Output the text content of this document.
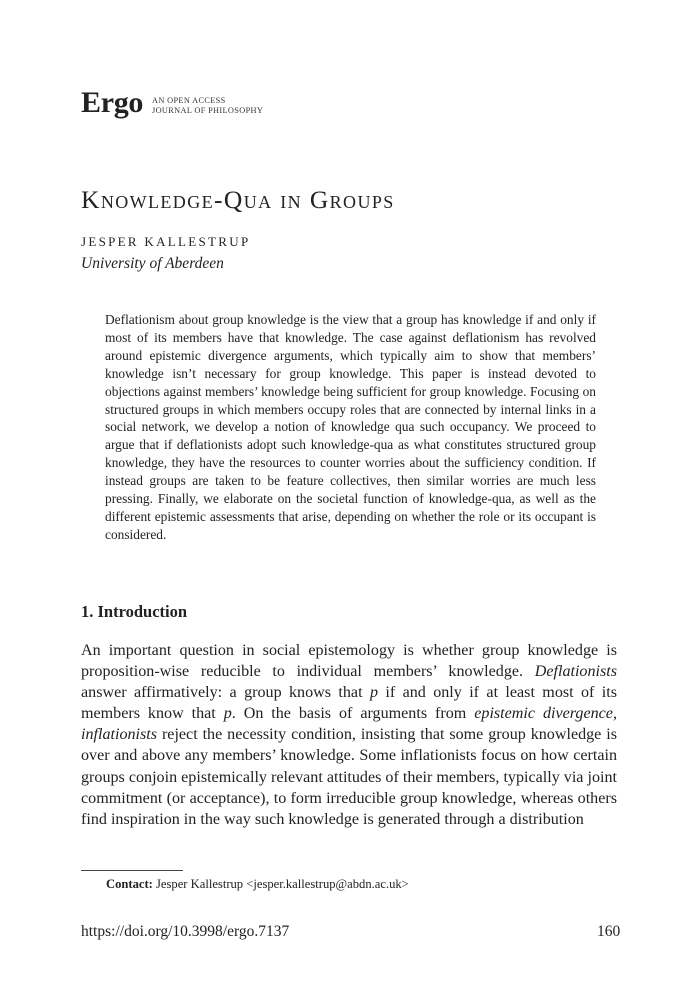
Ergo AN OPEN ACCESS
JOURNAL OF PHILOSOPHY
Knowledge-Qua in Groups
JESPER KALLESTRUP
University of Aberdeen
Deflationism about group knowledge is the view that a group has knowledge if and only if most of its members have that knowledge. The case against deflationism has revolved around epistemic divergence arguments, which typically aim to show that members’ knowledge isn’t necessary for group knowledge. This paper is instead devoted to objections against members’ knowledge being sufficient for group knowledge. Focusing on structured groups in which members occupy roles that are connected by internal links in a social network, we develop a notion of knowledge qua such occupancy. We proceed to argue that if deflationists adopt such knowledge-qua as what constitutes structured group knowledge, they have the resources to counter worries about the sufficiency condition. If instead groups are taken to be feature collectives, then similar worries are much less pressing. Finally, we elaborate on the societal function of knowledge-qua, as well as the different epistemic assessments that arise, depending on whether the role or its occupant is considered.
1. Introduction

An important question in social epistemology is whether group knowledge is proposition-wise reducible to individual members’ knowledge. Deflationists answer affirmatively: a group knows that p if and only if at least most of its members know that p. On the basis of arguments from epistemic divergence, inflationists reject the necessity condition, insisting that some group knowledge is over and above any members’ knowledge. Some inflationists focus on how certain groups conjoin epistemically relevant attitudes of their members, typically via joint commitment (or acceptance), to form irreducible group knowledge, whereas others find inspiration in the way such knowledge is generated through a distribution

Contact: Jesper Kallestrup <jesper.kallestrup@abdn.ac.uk>
https://doi.org/10.3998/ergo.7137	160
